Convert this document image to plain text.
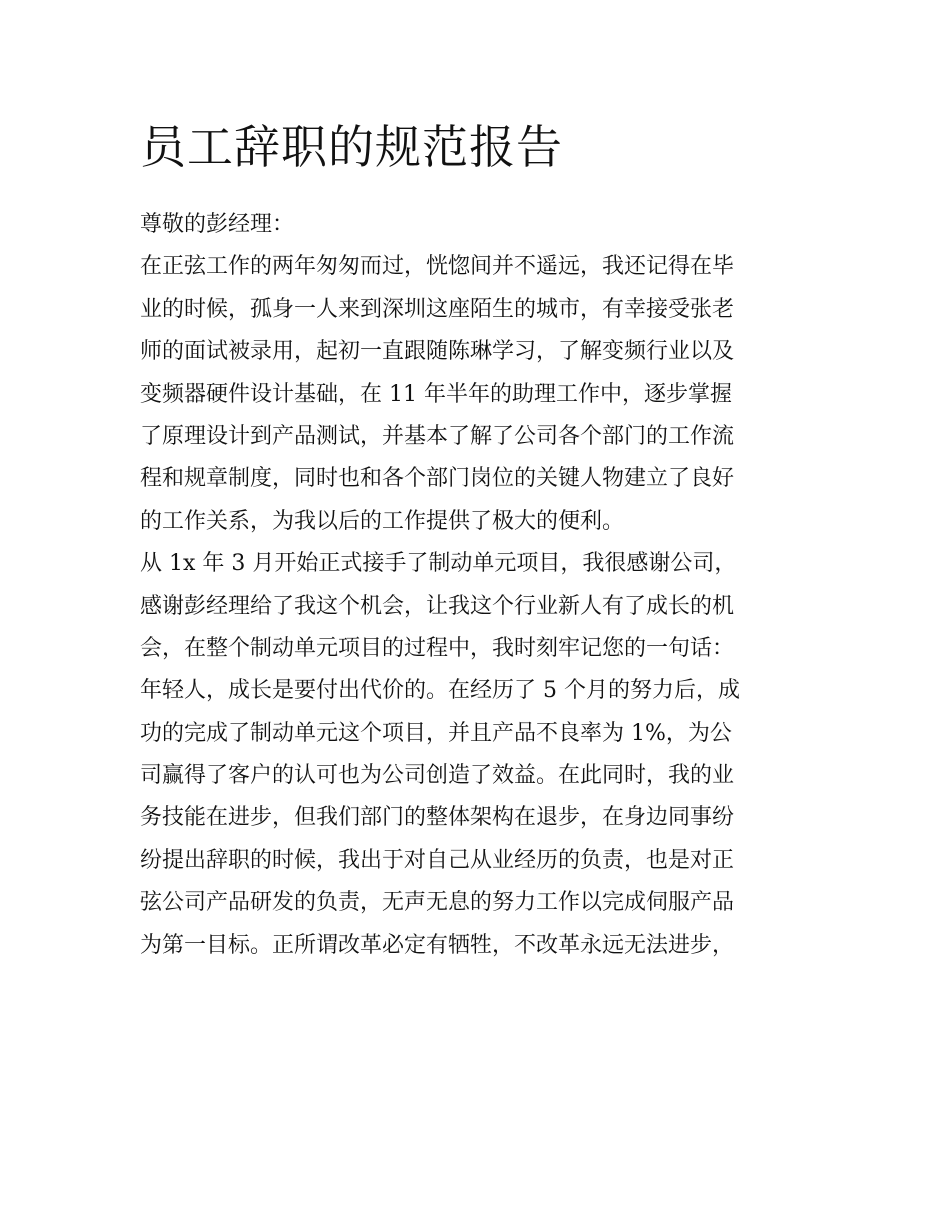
员工辞职的规范报告
尊敬的彭经理：
在正弦工作的两年匆匆而过，恍惚间并不遥远，我还记得在毕
业的时候，孤身一人来到深圳这座陌生的城市，有幸接受张老
师的面试被录用，起初一直跟随陈琳学习，了解变频行业以及
变频器硬件设计基础，在 11 年半年的助理工作中，逐步掌握
了原理设计到产品测试，并基本了解了公司各个部门的工作流
程和规章制度，同时也和各个部门岗位的关键人物建立了良好
的工作关系，为我以后的工作提供了极大的便利。
从 1x 年 3 月开始正式接手了制动单元项目，我很感谢公司，
感谢彭经理给了我这个机会，让我这个行业新人有了成长的机
会，在整个制动单元项目的过程中，我时刻牢记您的一句话：
年轻人，成长是要付出代价的。在经历了 5 个月的努力后，成
功的完成了制动单元这个项目，并且产品不良率为 1%，为公
司赢得了客户的认可也为公司创造了效益。在此同时，我的业
务技能在进步，但我们部门的整体架构在退步，在身边同事纷
纷提出辞职的时候，我出于对自己从业经历的负责，也是对正
弦公司产品研发的负责，无声无息的努力工作以完成伺服产品
为第一目标。正所谓改革必定有牺牲，不改革永远无法进步，
